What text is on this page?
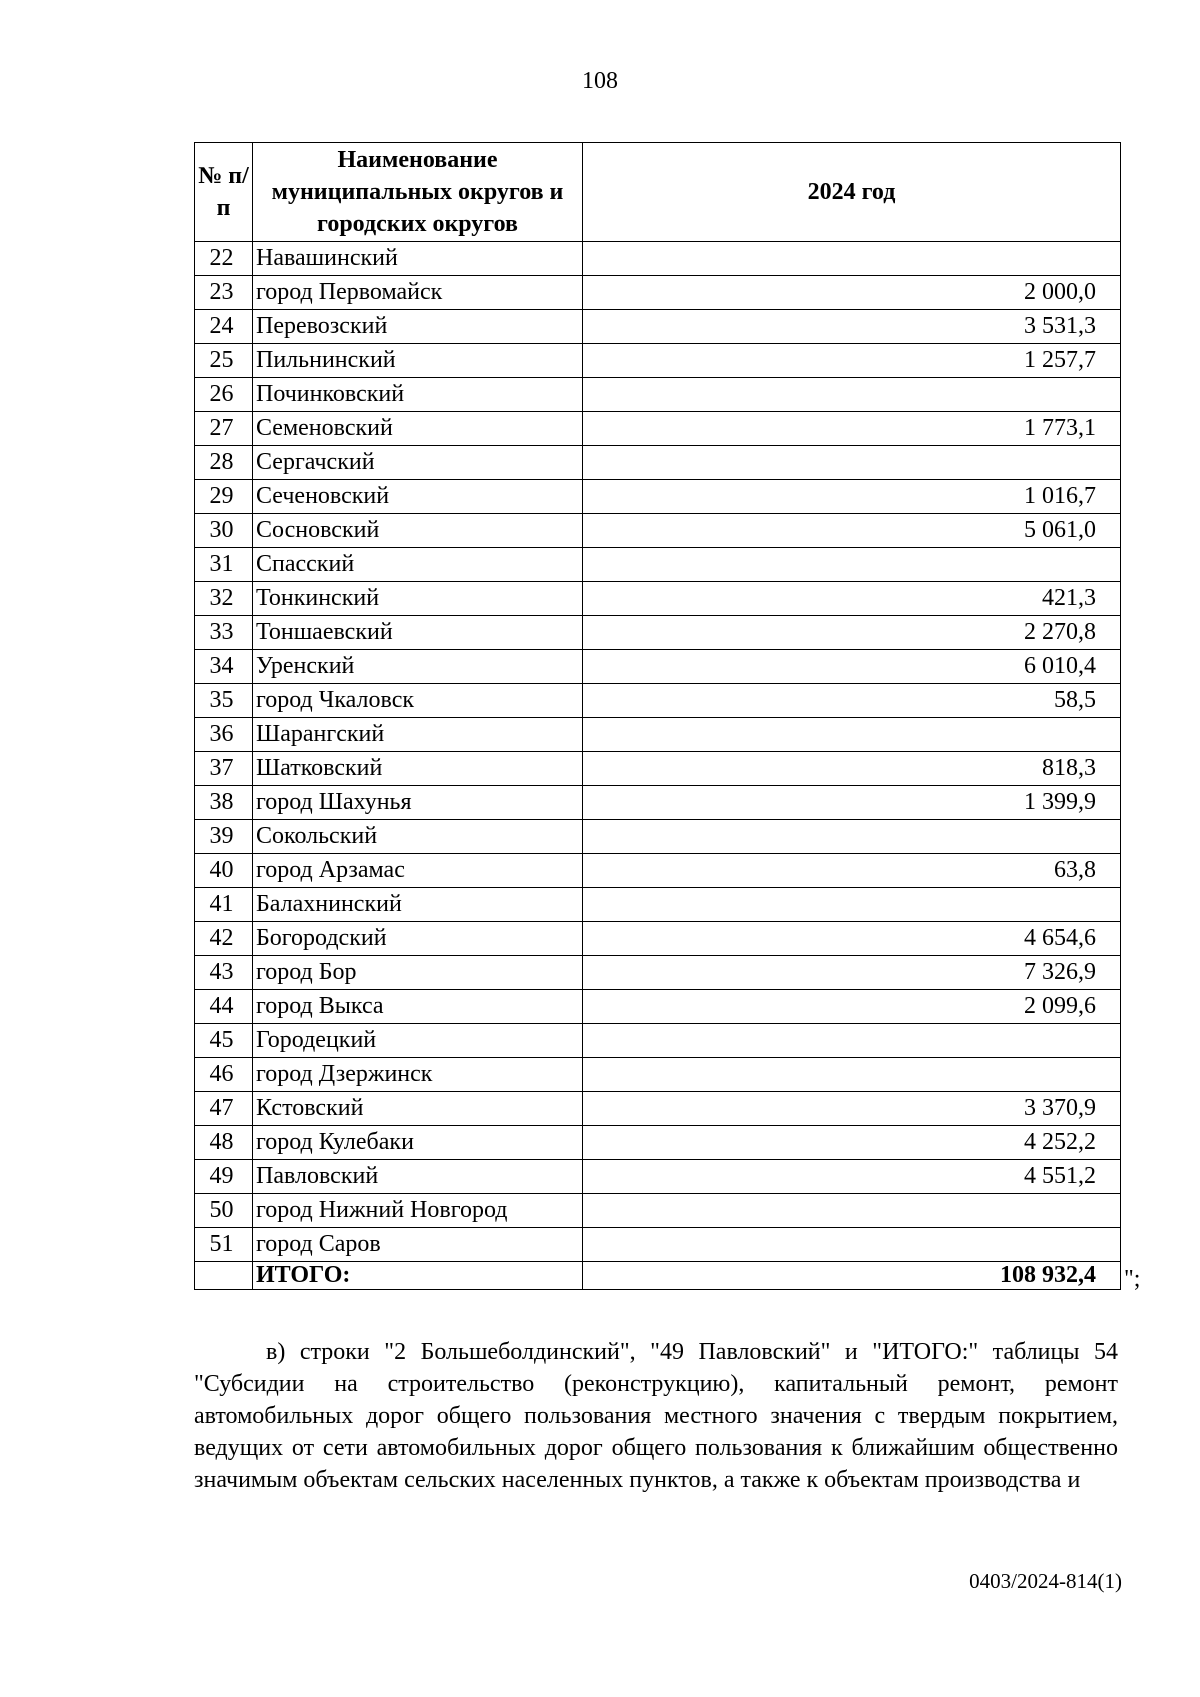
108
№ п/п	Наименование муниципальных округов и городских округов	2024 год
22	Навашинский	
23	город Первомайск	2 000,0
24	Перевозский	3 531,3
25	Пильнинский	1 257,7
26	Починковский	
27	Семеновский	1 773,1
28	Сергачский	
29	Сеченовский	1 016,7
30	Сосновский	5 061,0
31	Спасский	
32	Тонкинский	421,3
33	Тоншаевский	2 270,8
34	Уренский	6 010,4
35	город Чкаловск	58,5
36	Шарангский	
37	Шатковский	818,3
38	город Шахунья	1 399,9
39	Сокольский	
40	город Арзамас	63,8
41	Балахнинский	
42	Богородский	4 654,6
43	город Бор	7 326,9
44	город Выкса	2 099,6
45	Городецкий	
46	город Дзержинск	
47	Кстовский	3 370,9
48	город Кулебаки	4 252,2
49	Павловский	4 551,2
50	город Нижний Новгород	
51	город Саров	
	ИТОГО:	108 932,4 ";
в) строки "2 Большеболдинский", "49 Павловский" и "ИТОГО:" таблицы 54 "Субсидии на строительство (реконструкцию), капитальный ремонт, ремонт автомобильных дорог общего пользования местного значения с твердым покрытием, ведущих от сети автомобильных дорог общего пользования к ближайшим общественно значимым объектам сельских населенных пунктов, а также к объектам производства и
0403/2024-814(1)
